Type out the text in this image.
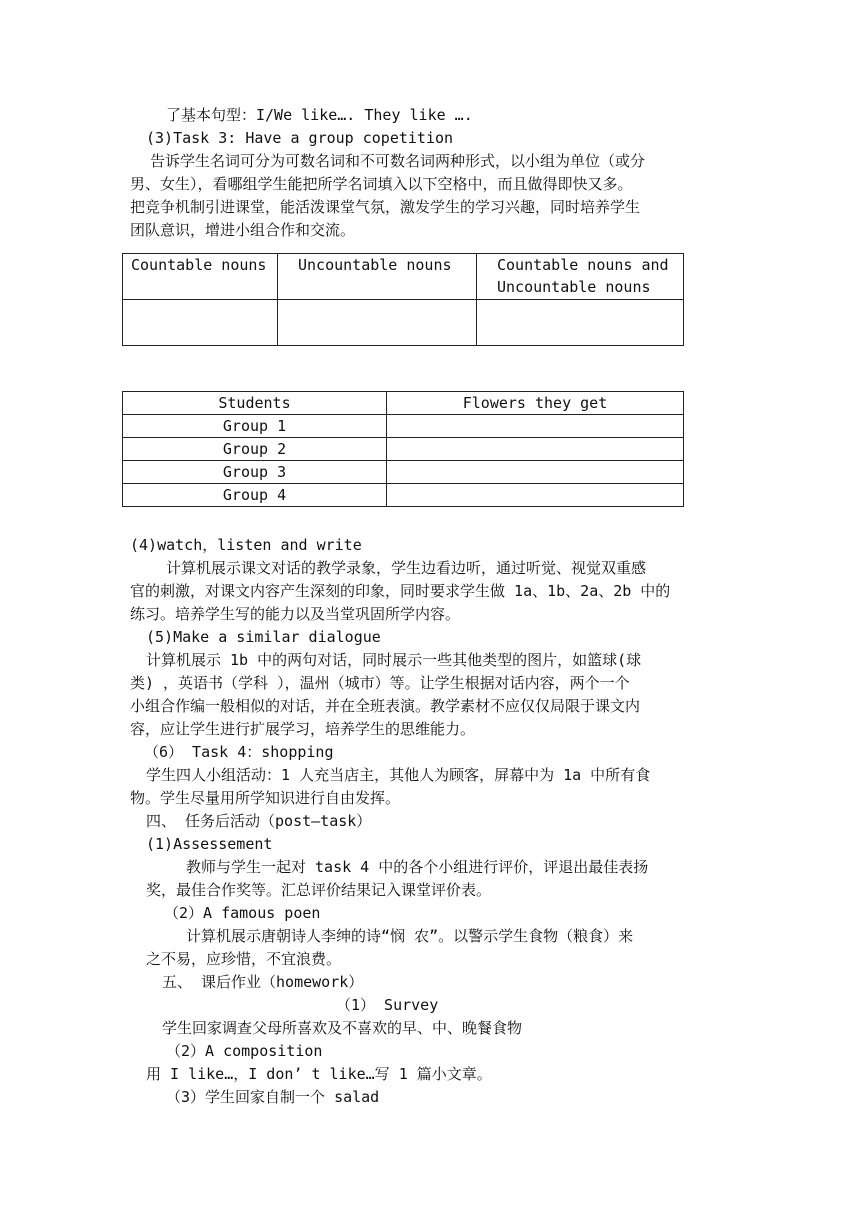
了基本句型：I/We like…. They like ….
(3)Task 3: Have a group copetition
告诉学生名词可分为可数名词和不可数名词两种形式，以小组为单位（或分
男、女生），看哪组学生能把所学名词填入以下空格中，而且做得即快又多。
把竞争机制引进课堂，能活泼课堂气氛，激发学生的学习兴趣，同时培养学生
团队意识，增进小组合作和交流。
Countable nouns	Uncountable nouns	Countable nouns and Uncountable nouns

Students	Flowers they get
Group 1	
Group 2	
Group 3	
Group 4	
(4)watch，listen and write
计算机展示课文对话的教学录象，学生边看边听，通过听觉、视觉双重感
官的刺激，对课文内容产生深刻的印象，同时要求学生做 1a、1b、2a、2b 中的
练习。培养学生写的能力以及当堂巩固所学内容。
(5)Make a similar dialogue
计算机展示 1b 中的两句对话，同时展示一些其他类型的图片，如篮球(球
类) ，英语书（学科 ），温州（城市）等。让学生根据对话内容，两个一个
小组合作编一般相似的对话，并在全班表演。教学素材不应仅仅局限于课文内
容，应让学生进行扩展学习，培养学生的思维能力。
（6） Task 4：shopping
学生四人小组活动：1 人充当店主，其他人为顾客，屏幕中为 1a 中所有食
物。学生尽量用所学知识进行自由发挥。
四、 任务后活动（post—task）
(1)Assessement
教师与学生一起对 task 4 中的各个小组进行评价，评退出最佳表扬
奖，最佳合作奖等。汇总评价结果记入课堂评价表。
（2）A famous poen
计算机展示唐朝诗人李绅的诗“悯 农”。以警示学生食物（粮食）来
之不易，应珍惜，不宜浪费。
五、 课后作业（homework）
（1） Survey
学生回家调查父母所喜欢及不喜欢的早、中、晚餐食物
（2）A composition
用 I like…，I don’ t like…写 1 篇小文章。
（3）学生回家自制一个 salad
